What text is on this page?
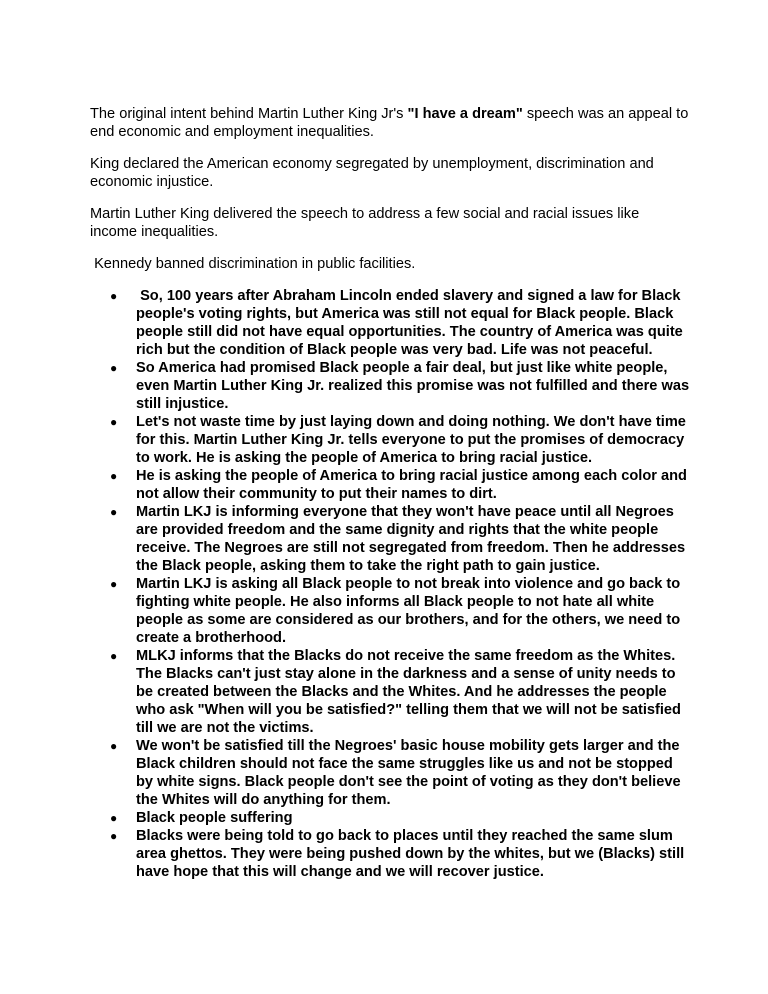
The original intent behind Martin Luther King Jr's "I have a dream" speech was an appeal to end economic and employment inequalities.

King declared the American economy segregated by unemployment, discrimination and economic injustice.

Martin Luther King delivered the speech to address a few social and racial issues like income inequalities.

Kennedy banned discrimination in public facilities.

● So, 100 years after Abraham Lincoln ended slavery and signed a law for Black people's voting rights, but America was still not equal for Black people. Black people still did not have equal opportunities. The country of America was quite rich but the condition of Black people was very bad. Life was not peaceful.
● So America had promised Black people a fair deal, but just like white people, even Martin Luther King Jr. realized this promise was not fulfilled and there was still injustice.
● Let's not waste time by just laying down and doing nothing. We don't have time for this. Martin Luther King Jr. tells everyone to put the promises of democracy to work. He is asking the people of America to bring racial justice.
● He is asking the people of America to bring racial justice among each color and not allow their community to put their names to dirt.
● Martin LKJ is informing everyone that they won't have peace until all Negroes are provided freedom and the same dignity and rights that the white people receive. The Negroes are still not segregated from freedom. Then he addresses the Black people, asking them to take the right path to gain justice.
● Martin LKJ is asking all Black people to not break into violence and go back to fighting white people. He also informs all Black people to not hate all white people as some are considered as our brothers, and for the others, we need to create a brotherhood.
● MLKJ informs that the Blacks do not receive the same freedom as the Whites. The Blacks can't just stay alone in the darkness and a sense of unity needs to be created between the Blacks and the Whites. And he addresses the people who ask "When will you be satisfied?" telling them that we will not be satisfied till we are not the victims.
● We won't be satisfied till the Negroes' basic house mobility gets larger and the Black children should not face the same struggles like us and not be stopped by white signs. Black people don't see the point of voting as they don't believe the Whites will do anything for them.
● Black people suffering
● Blacks were being told to go back to places until they reached the same slum area ghettos. They were being pushed down by the whites, but we (Blacks) still have hope that this will change and we will recover justice.
